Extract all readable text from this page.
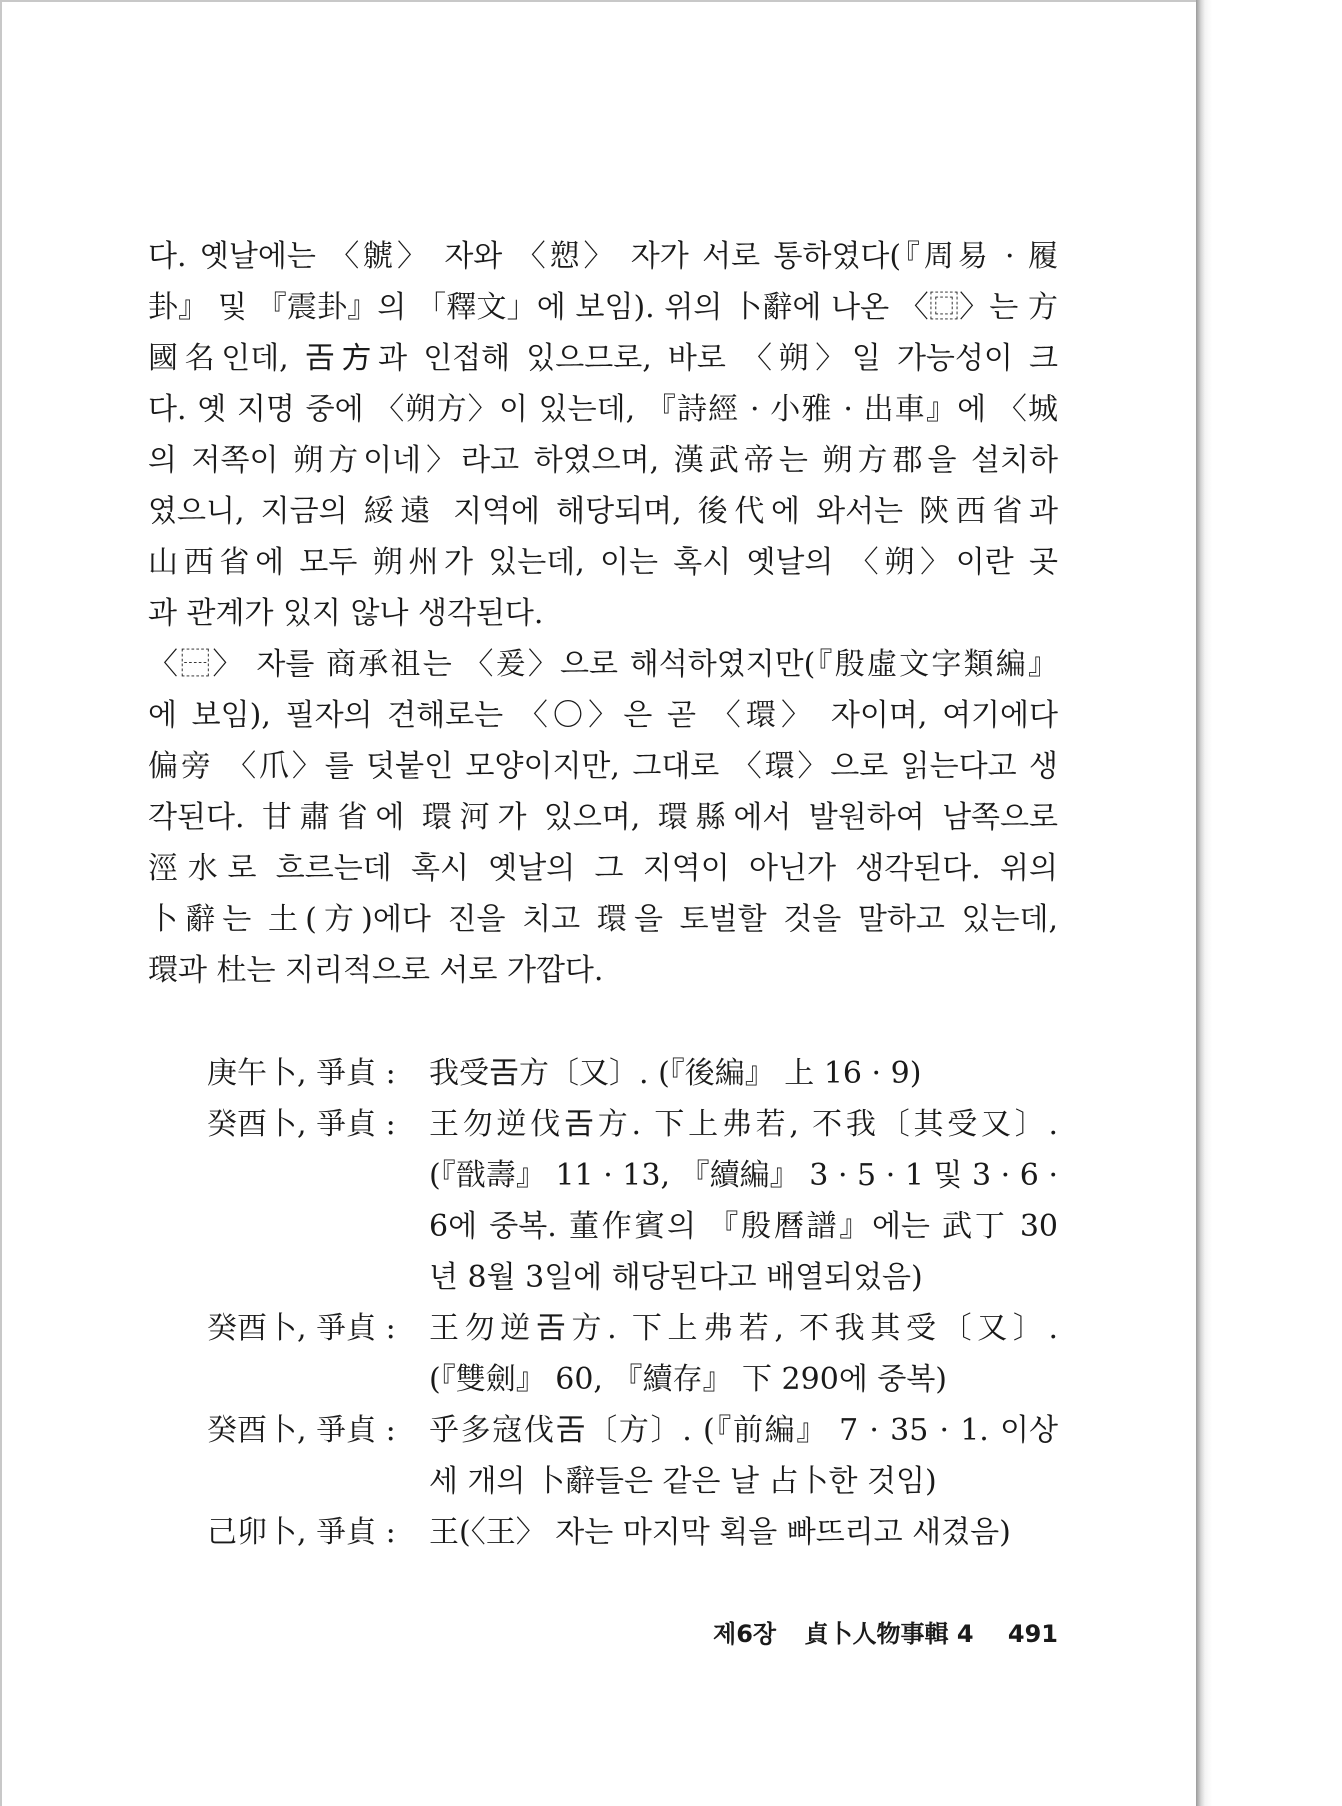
다. 옛날에는 〈虩〉 자와 〈愬〉 자가 서로 통하였다(『周易 · 履
卦』 및 『震卦』의 「釋文」에 보임). 위의 卜辭에 나온 〈⿴〉는 方
國名인데, 𢀛方과 인접해 있으므로, 바로 〈朔〉일 가능성이 크
다. 옛 지명 중에 〈朔方〉이 있는데, 『詩經 · 小雅 · 出車』에 〈城
의 저쪽이 朔方이네〉라고 하였으며, 漢武帝는 朔方郡을 설치하
였으니, 지금의 綏遠 지역에 해당되며, 後代에 와서는 陝西省과
山西省에 모두 朔州가 있는데, 이는 혹시 옛날의 〈朔〉이란 곳
과 관계가 있지 않나 생각된다.
〈⿱〉 자를 商承祖는 〈爰〉으로 해석하였지만(『殷虛文字類編』
에 보임), 필자의 견해로는 〈〇〉은 곧 〈環〉 자이며, 여기에다
偏旁 〈爪〉를 덧붙인 모양이지만, 그대로 〈環〉으로 읽는다고 생
각된다. 甘肅省에 環河가 있으며, 環縣에서 발원하여 남쪽으로
涇水로 흐르는데 혹시 옛날의 그 지역이 아닌가 생각된다. 위의
卜辭는 土(方)에다 진을 치고 環을 토벌할 것을 말하고 있는데,
環과 杜는 지리적으로 서로 가깝다.
庚午卜, 爭貞 :	我受𢀛方〔又〕. (『後編』 上 16 · 9)
癸酉卜, 爭貞 :	王勿逆伐𢀛方. 下上弗若, 不我〔其受又〕.
(『戩壽』 11 · 13, 『續編』 3 · 5 · 1 및 3 · 6 ·
6에 중복. 董作賓의 『殷曆譜』에는 武丁 30
년 8월 3일에 해당된다고 배열되었음)
癸酉卜, 爭貞 :	王勿逆𢀛方. 下上弗若, 不我其受〔又〕.
(『雙劍』 60, 『續存』 下 290에 중복)
癸酉卜, 爭貞 :	乎多寇伐𢀛〔方〕. (『前編』 7 · 35 · 1. 이상
세 개의 卜辭들은 같은 날 占卜한 것임)
己卯卜, 爭貞 :	王(〈王〉 자는 마지막 획을 빠뜨리고 새겼음)
제6장 貞卜人物事輯 4 491
